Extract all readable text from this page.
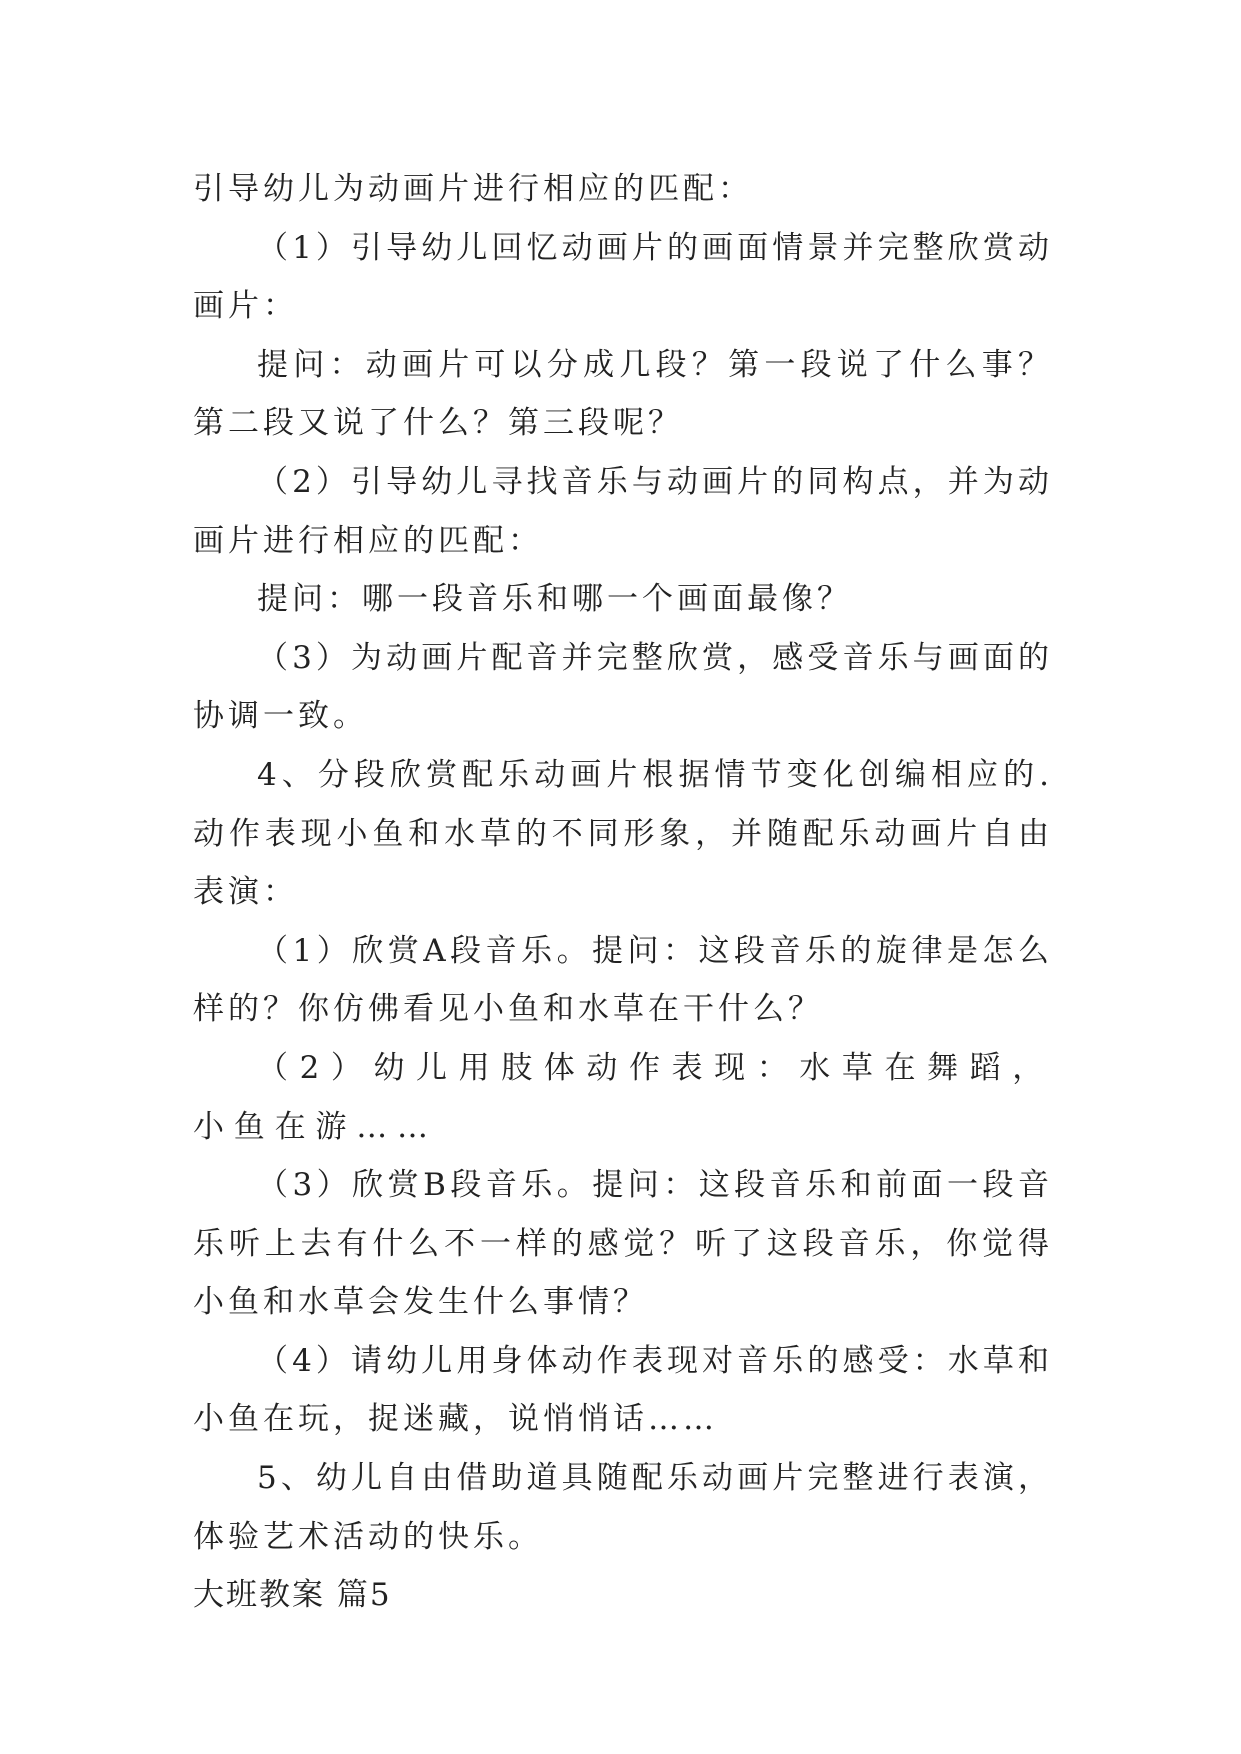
引导幼儿为动画片进行相应的匹配：

（1）引导幼儿回忆动画片的画面情景并完整欣赏动画片：

提问：动画片可以分成几段？第一段说了什么事？第二段又说了什么？第三段呢？

（2）引导幼儿寻找音乐与动画片的同构点，并为动画片进行相应的匹配：

提问：哪一段音乐和哪一个画面最像？

（3）为动画片配音并完整欣赏，感受音乐与画面的协调一致。

4、分段欣赏配乐动画片根据情节变化创编相应的.动作表现小鱼和水草的不同形象，并随配乐动画片自由表演：

（1）欣赏A段音乐。提问：这段音乐的旋律是怎么样的？你仿佛看见小鱼和水草在干什么？

（2）幼儿用肢体动作表现：水草在舞蹈，小鱼在游……

（3）欣赏B段音乐。提问：这段音乐和前面一段音乐听上去有什么不一样的感觉？听了这段音乐，你觉得小鱼和水草会发生什么事情？

（4）请幼儿用身体动作表现对音乐的感受：水草和小鱼在玩，捉迷藏，说悄悄话……

5、幼儿自由借助道具随配乐动画片完整进行表演，体验艺术活动的快乐。

大班教案 篇5
